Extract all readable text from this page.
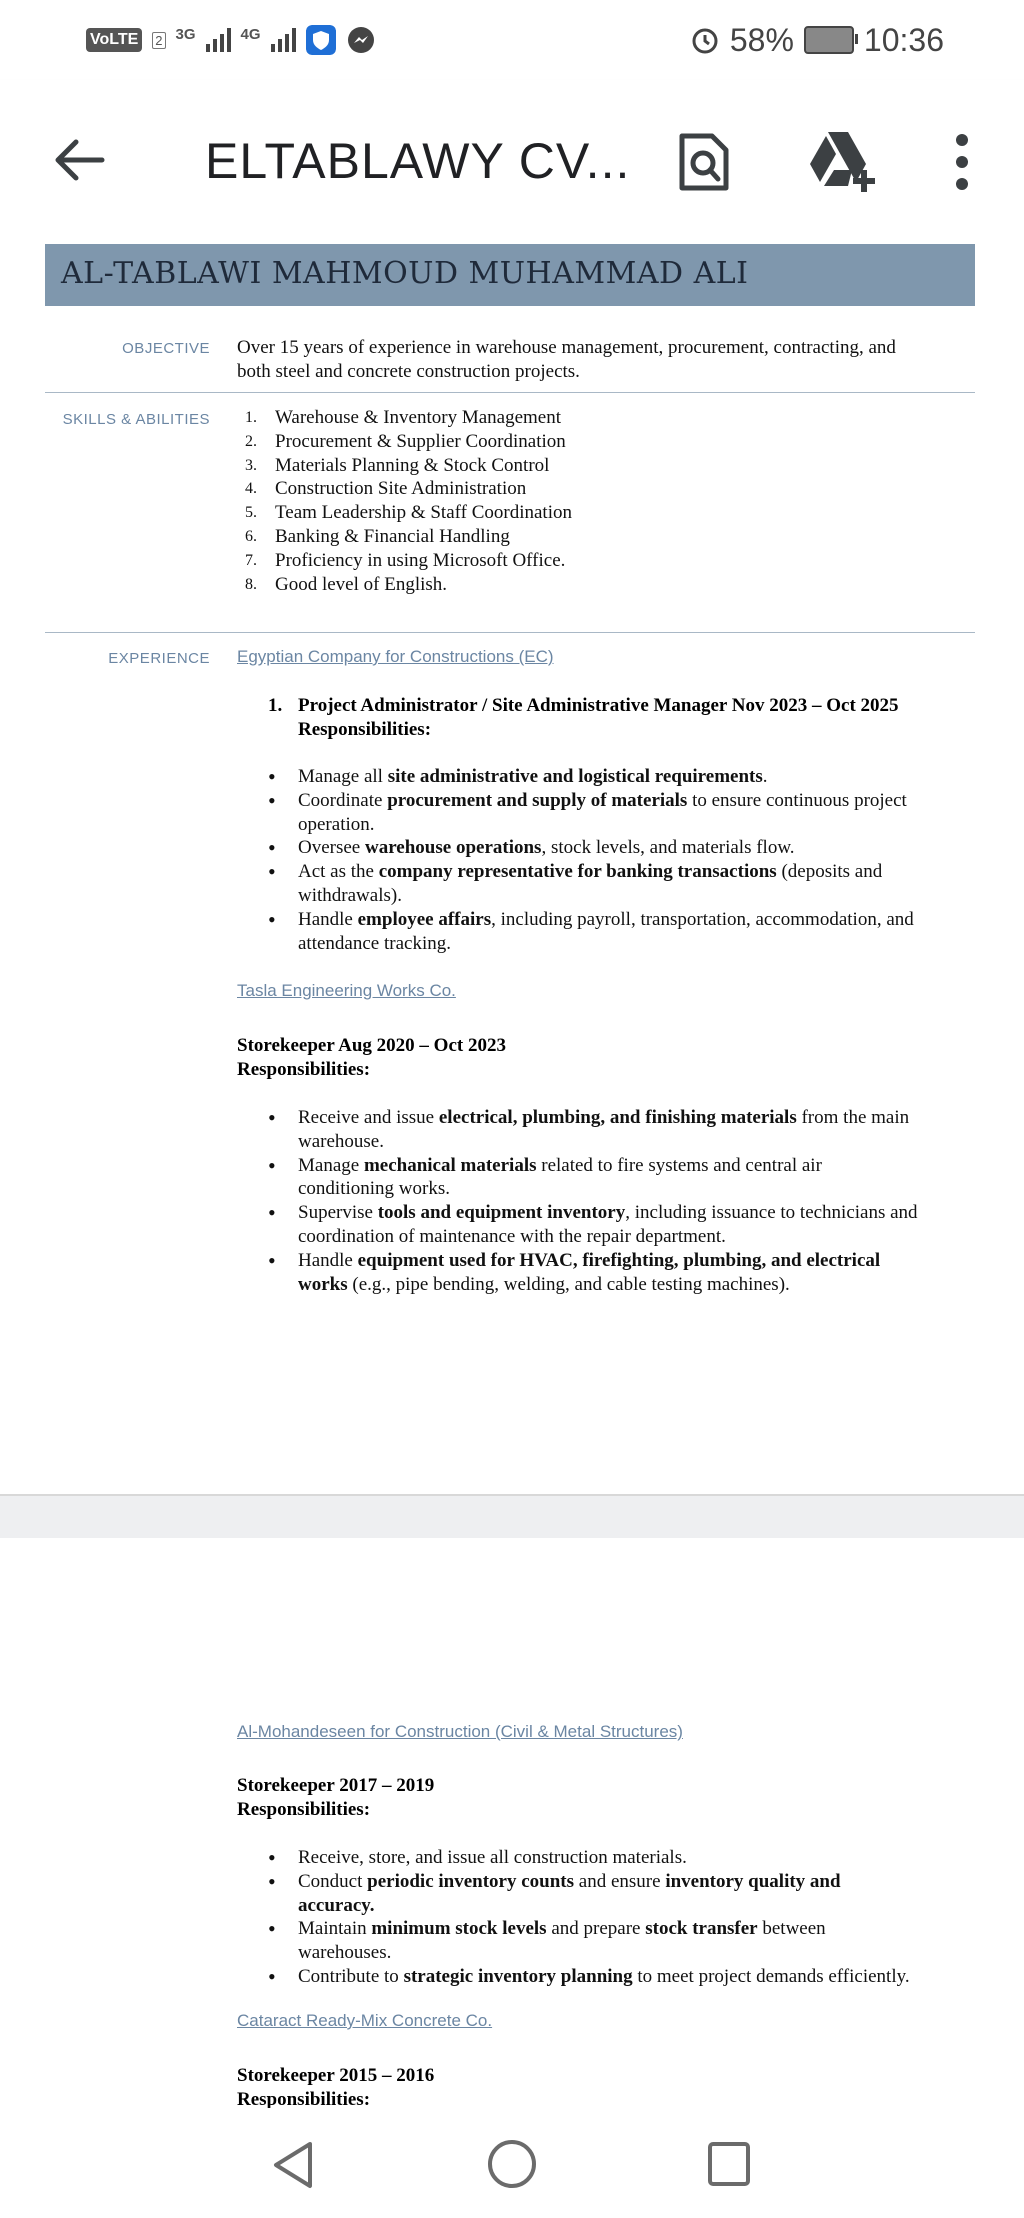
VoLTE	2 3G	4G	58% 10:36
ELTABLAWY CV...
AL-TABLAWI MAHMOUD MUHAMMAD ALI
OBJECTIVE Over 15 years of experience in warehouse management, procurement, contracting, and
both steel and concrete construction projects.
SKILLS & ABILITIES 1. Warehouse & Inventory Management
2. Procurement & Supplier Coordination
3. Materials Planning & Stock Control
4. Construction Site Administration
5. Team Leadership & Staff Coordination
6. Banking & Financial Handling
7. Proficiency in using Microsoft Office.
8. Good level of English.
EXPERIENCE Egyptian Company for Constructions (EC)
1. Project Administrator / Site Administrative Manager Nov 2023 – Oct 2025
Responsibilities:
• Manage all site administrative and logistical requirements.
• Coordinate procurement and supply of materials to ensure continuous project
operation.
• Oversee warehouse operations, stock levels, and materials flow.
• Act as the company representative for banking transactions (deposits and
withdrawals).
• Handle employee affairs, including payroll, transportation, accommodation, and
attendance tracking.
Tasla Engineering Works Co.
Storekeeper Aug 2020 – Oct 2023
Responsibilities:
• Receive and issue electrical, plumbing, and finishing materials from the main
warehouse.
• Manage mechanical materials related to fire systems and central air
conditioning works.
• Supervise tools and equipment inventory, including issuance to technicians and
coordination of maintenance with the repair department.
• Handle equipment used for HVAC, firefighting, plumbing, and electrical
works (e.g., pipe bending, welding, and cable testing machines).
Al-Mohandeseen for Construction (Civil & Metal Structures)
Storekeeper 2017 – 2019
Responsibilities:
• Receive, store, and issue all construction materials.
• Conduct periodic inventory counts and ensure inventory quality and
accuracy.
• Maintain minimum stock levels and prepare stock transfer between
warehouses.
• Contribute to strategic inventory planning to meet project demands efficiently.
Cataract Ready-Mix Concrete Co.
Storekeeper 2015 – 2016
Responsibilities:
